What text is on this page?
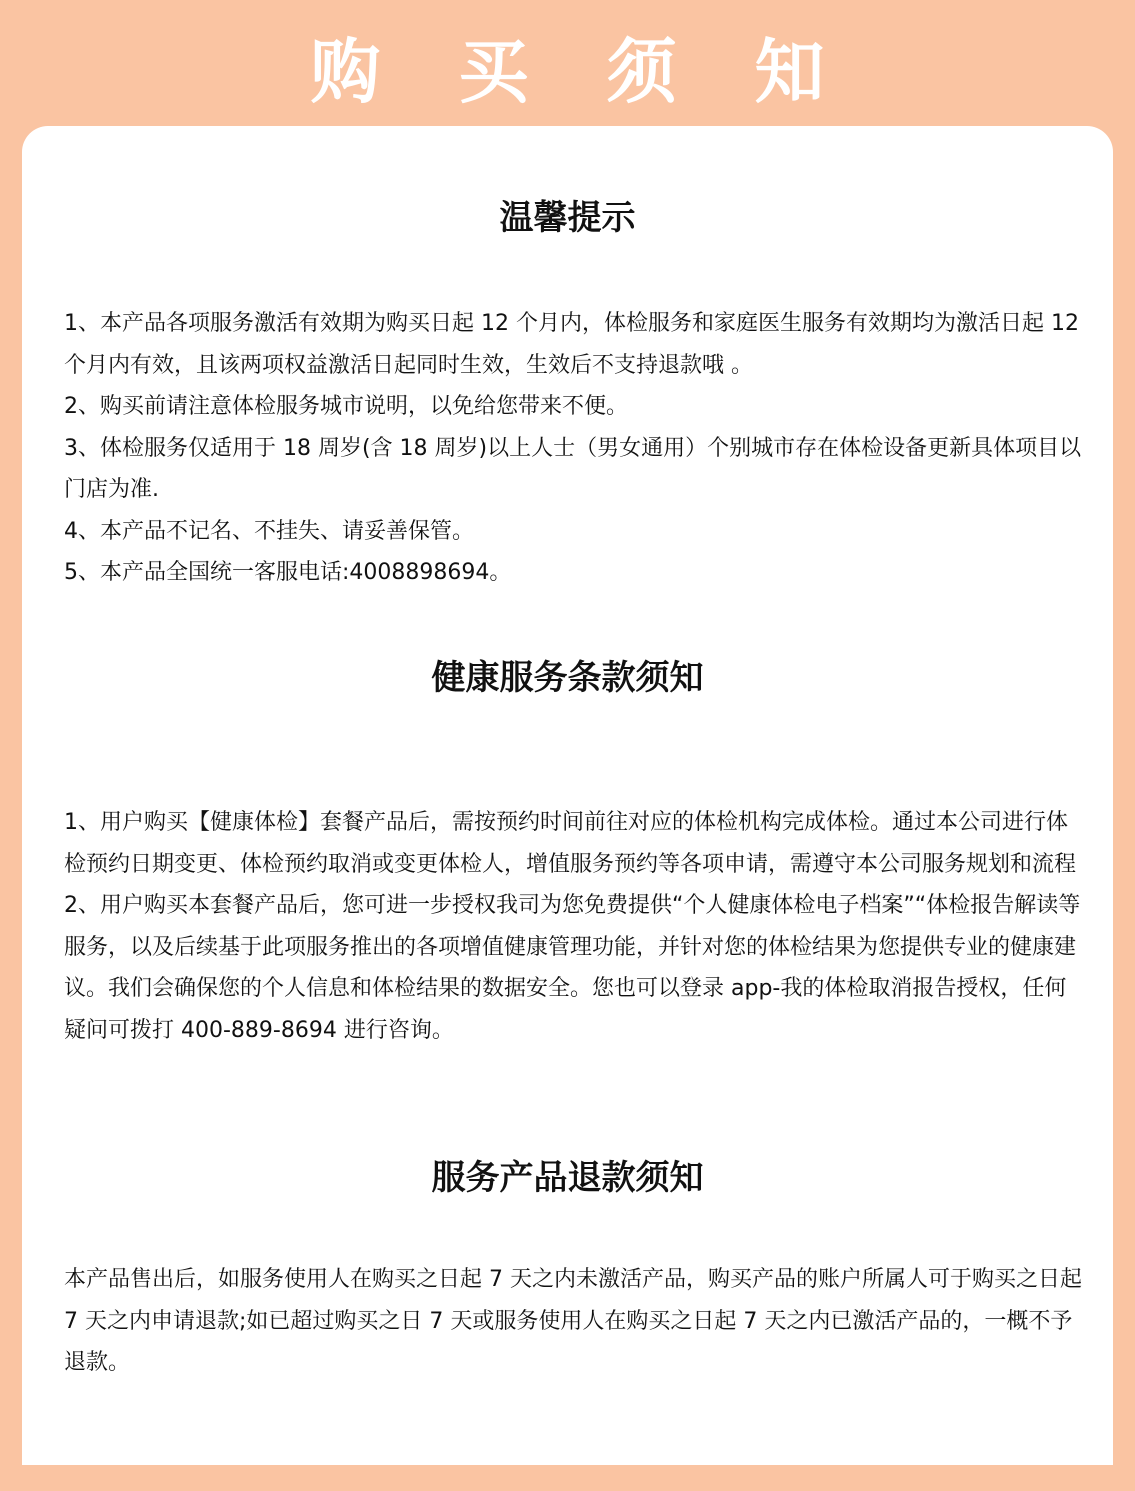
购买须知
温馨提示

1、本产品各项服务激活有效期为购买日起 12 个月内，体检服务和家庭医生服务有效期均为激活日起 12 个月内有效，且该两项权益激活日起同时生效，生效后不支持退款哦 。

2、购买前请注意体检服务城市说明，以免给您带来不便。

3、体检服务仅适用于 18 周岁(含 18 周岁)以上人士（男女通用）个别城市存在体检设备更新具体项目以门店为准.

4、本产品不记名、不挂失、请妥善保管。

5、本产品全国统一客服电话:4008898694。

健康服务条款须知

1、用户购买【健康体检】套餐产品后，需按预约时间前往对应的体检机构完成体检。通过本公司进行体检预约日期变更、体检预约取消或变更体检人，增值服务预约等各项申请，需遵守本公司服务规划和流程

2、用户购买本套餐产品后，您可进一步授权我司为您免费提供“个人健康体检电子档案”“体检报告解读等服务，以及后续基于此项服务推出的各项增值健康管理功能，并针对您的体检结果为您提供专业的健康建议。我们会确保您的个人信息和体检结果的数据安全。您也可以登录 app-我的体检取消报告授权，任何疑问可拨打 400-889-8694 进行咨询。

服务产品退款须知

本产品售出后，如服务使用人在购买之日起 7 天之内未激活产品，购买产品的账户所属人可于购买之日起 7 天之内申请退款;如已超过购买之日 7 天或服务使用人在购买之日起 7 天之内已激活产品的，一概不予退款。
